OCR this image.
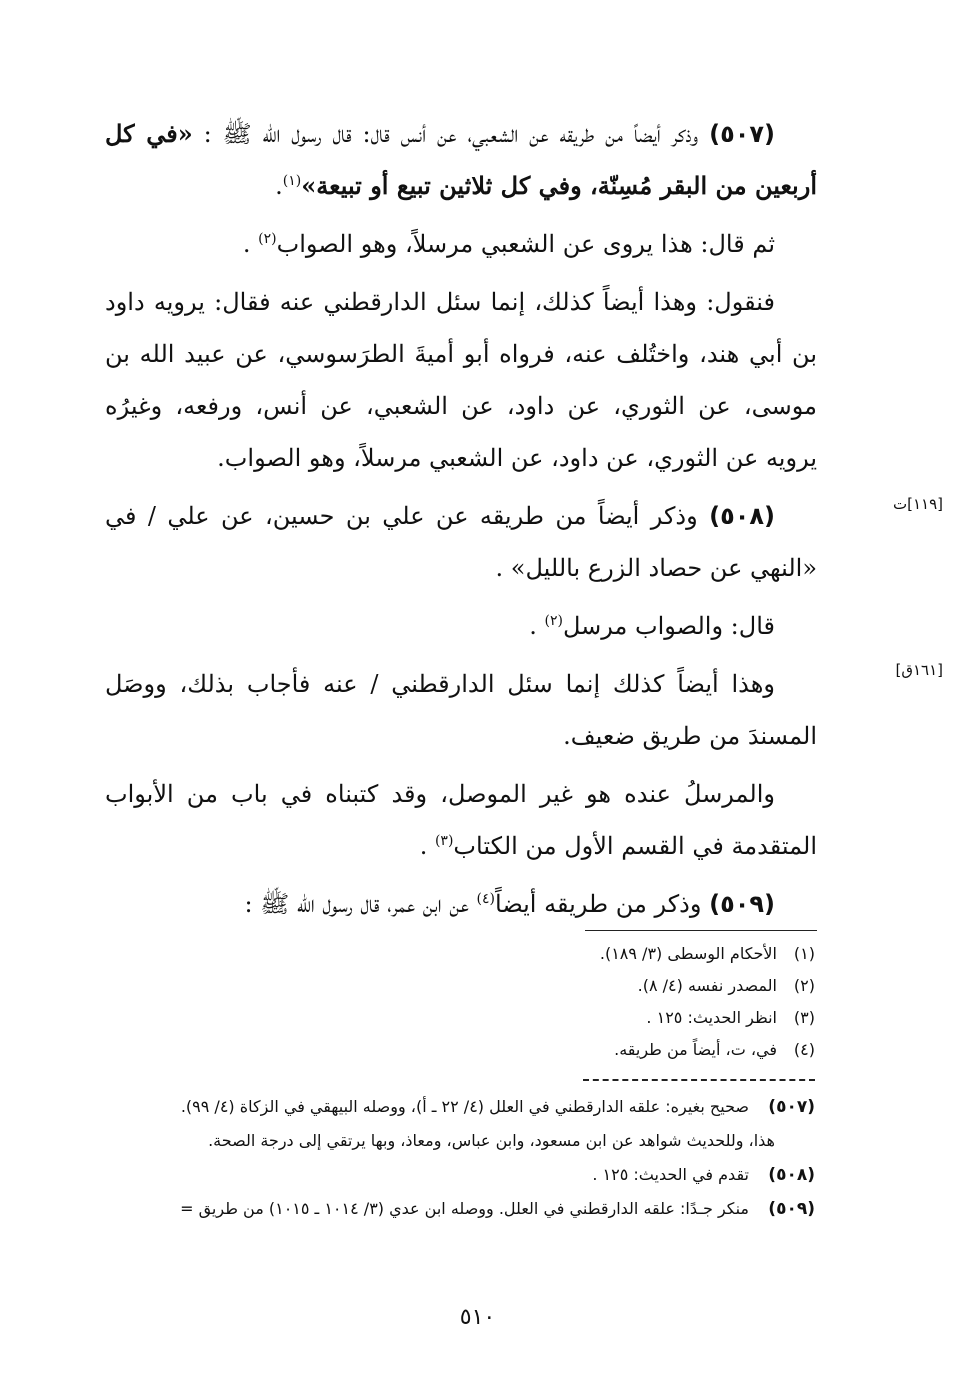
(٥٠٧) وذكر أيضاً من طريقه عن الشعبي، عن أنس قال: قال رسول الله ﷺ : «في كل أربعين من البقر مُسِنّة، وفي كل ثلاثين تبيع أو تبيعة»$^{(١)}$.

ثم قال: هذا يروى عن الشعبي مرسلاً، وهو الصواب$^{(٢)}$ .

فنقول: وهذا أيضاً كذلك، إنما سئل الدارقطني عنه فقال: يرويه داود بن أبي هند، واختُلف عنه، فرواه أبو أميةَ الطرَسوسي، عن عبيد الله بن موسى، عن الثوري، عن داود، عن الشعبي، عن أنس، ورفعه، وغيرُه يرويه عن الثوري، عن داود، عن الشعبي مرسلاً، وهو الصواب.

(٥٠٨) وذكر أيضاً من طريقه عن علي بن حسين، عن علي / في «النهي عن حصاد الزرع بالليل» .

قال: والصواب مرسل$^{(٢)}$ .

وهذا أيضاً كذلك إنما سئل الدارقطني / عنه فأجاب بذلك، ووصَل المسندَ من طريق ضعيف.

والمرسلُ عنده هو غير الموصل، وقد كتبناه في باب من الأبواب المتقدمة في القسم الأول من الكتاب$^{(٣)}$ .

(٥٠٩) وذكر من طريقه أيضاً$^{(٤)}$ عن ابن عمر، قال رسول الله ﷺ :

[١١٩]ت
[١٦١ق]
(١)الأحكام الوسطى (٣/ ١٨٩).
(٢)المصدر نفسه (٤/ ٨).
(٣)انظر الحديث: ١٢٥ .
(٤)في، ت، أيضاً من طريقه.
(٥٠٧)صحيح بغيره: علقه الدارقطني في العلل (٤/ ٢٢ ـ أ)، ووصله البيهقي في الزكاة (٤/ ٩٩).
هذا، وللحديث شواهد عن ابن مسعود، وابن عباس، ومعاذ، وبها يرتقي إلى درجة الصحة.
(٥٠٨)تقدم في الحديث: ١٢٥ .
(٥٠٩)منكر جـدًا: علقه الدارقطني في العلل. ووصله ابن عدي (٣/ ١٠١٤ ـ ١٠١٥) من طريق =
٥١٠
